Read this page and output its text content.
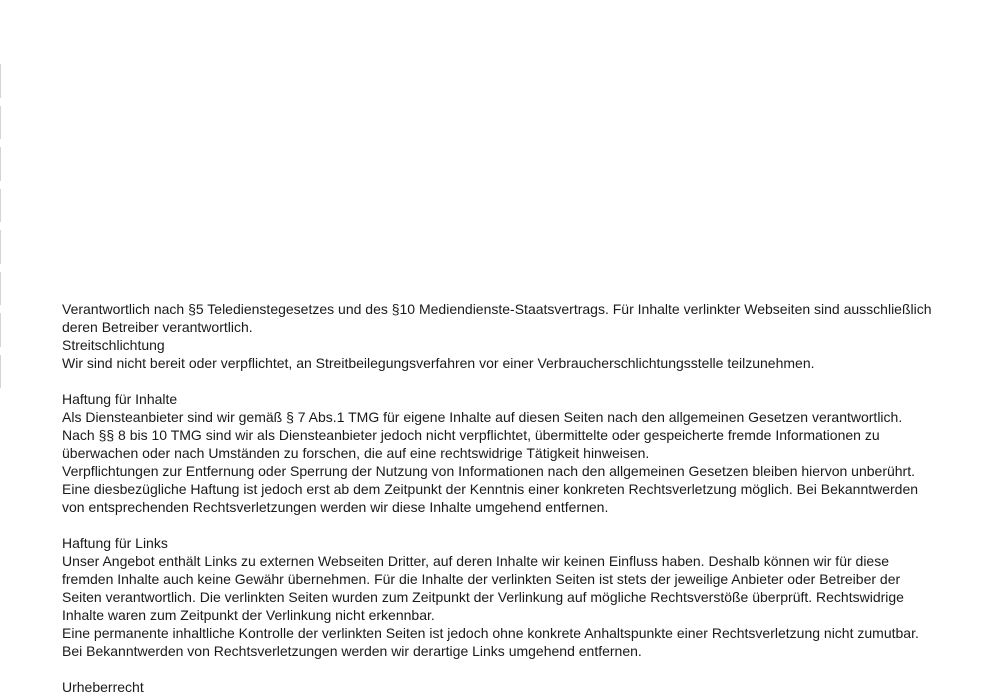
Verantwortlich nach §5 Teledienstegesetzes und des §10 Mediendienste-Staatsvertrags. Für Inhalte verlinkter Webseiten sind ausschließlich
deren Betreiber verantwortlich.

Streitschlichtung

Wir sind nicht bereit oder verpflichtet, an Streitbeilegungsverfahren vor einer Verbraucherschlichtungsstelle teilzunehmen.

Haftung für Inhalte

Als Diensteanbieter sind wir gemäß § 7 Abs.1 TMG für eigene Inhalte auf diesen Seiten nach den allgemeinen Gesetzen verantwortlich.
Nach §§ 8 bis 10 TMG sind wir als Diensteanbieter jedoch nicht verpflichtet, übermittelte oder gespeicherte fremde Informationen zu
überwachen oder nach Umständen zu forschen, die auf eine rechtswidrige Tätigkeit hinweisen.
Verpflichtungen zur Entfernung oder Sperrung der Nutzung von Informationen nach den allgemeinen Gesetzen bleiben hiervon unberührt.
Eine diesbezügliche Haftung ist jedoch erst ab dem Zeitpunkt der Kenntnis einer konkreten Rechtsverletzung möglich. Bei Bekanntwerden
von entsprechenden Rechtsverletzungen werden wir diese Inhalte umgehend entfernen.

Haftung für Links

Unser Angebot enthält Links zu externen Webseiten Dritter, auf deren Inhalte wir keinen Einfluss haben. Deshalb können wir für diese
fremden Inhalte auch keine Gewähr übernehmen. Für die Inhalte der verlinkten Seiten ist stets der jeweilige Anbieter oder Betreiber der
Seiten verantwortlich. Die verlinkten Seiten wurden zum Zeitpunkt der Verlinkung auf mögliche Rechtsverstöße überprüft. Rechtswidrige
Inhalte waren zum Zeitpunkt der Verlinkung nicht erkennbar.
Eine permanente inhaltliche Kontrolle der verlinkten Seiten ist jedoch ohne konkrete Anhaltspunkte einer Rechtsverletzung nicht zumutbar.
Bei Bekanntwerden von Rechtsverletzungen werden wir derartige Links umgehend entfernen.

Urheberrecht
